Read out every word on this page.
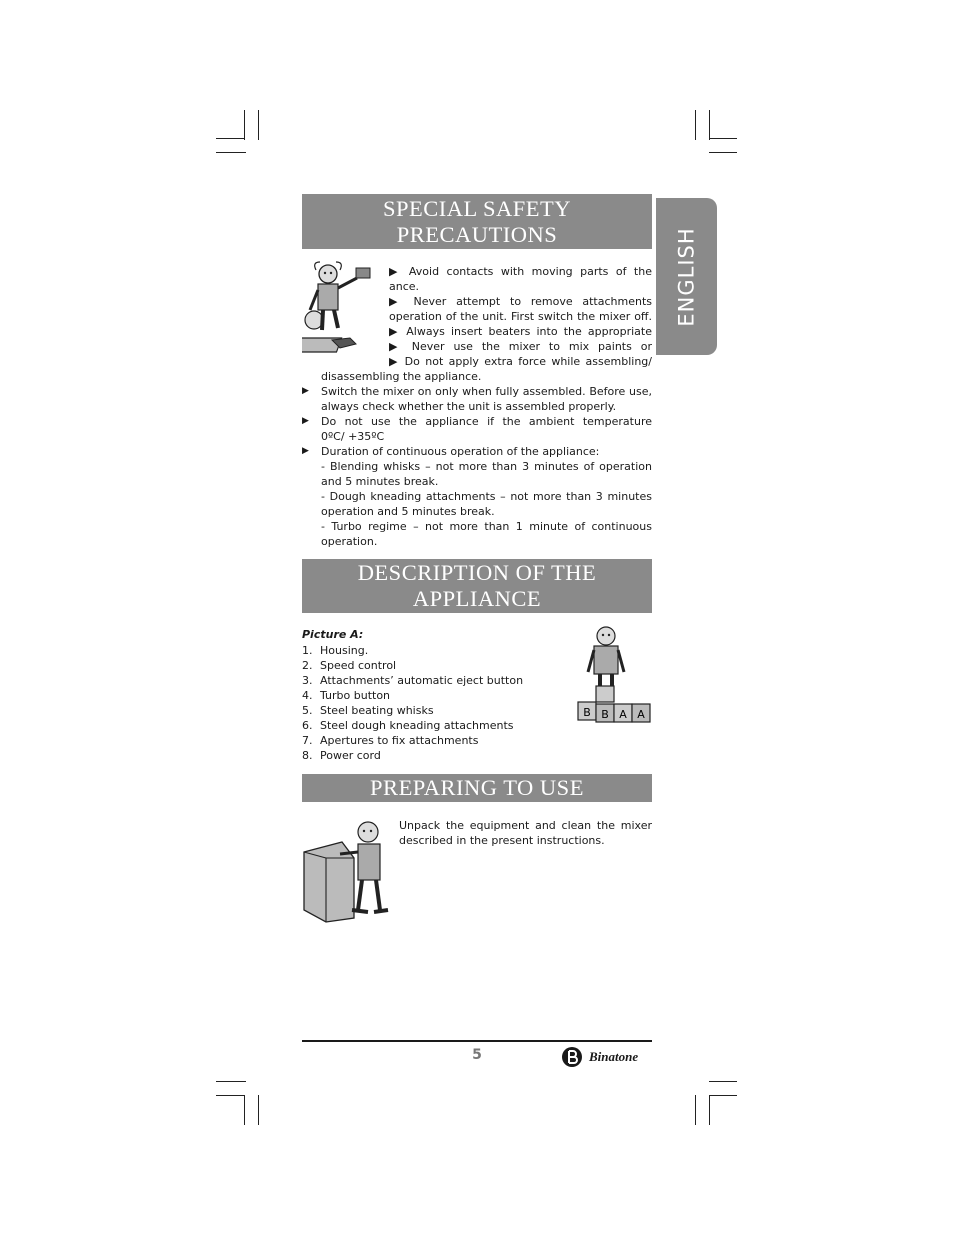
ENGLISH
SPECIAL SAFETY
PRECAUTIONS
▶ Avoid contacts with moving parts of the
ance.
▶ Never attempt to remove attachments
operation of the unit. First switch the mixer off.
▶ Always insert beaters into the appropriate
▶ Never use the mixer to mix paints or
▶ Do not apply extra force while assembling/
disassembling the appliance.
▶ Switch the mixer on only when fully assembled. Before use,
always check whether the unit is assembled properly.
▶ Do not use the appliance if the ambient temperature
0ºC/ +35ºC
▶ Duration of continuous operation of the appliance:
- Blending whisks – not more than 3 minutes of operation
and 5 minutes break.
- Dough kneading attachments – not more than 3 minutes
operation and 5 minutes break.
- Turbo regime – not more than 1 minute of continuous
operation.
DESCRIPTION OF THE
APPLIANCE
Picture A:
1. Housing.
2. Speed control
3. Attachments’ automatic eject button
4. Turbo button
5. Steel beating whisks
6. Steel dough kneading attachments
7. Apertures to fix attachments
8. Power cord
B B A A
PREPARING TO USE
Unpack the equipment and clean the mixer
described in the present instructions.
5	Binatone
